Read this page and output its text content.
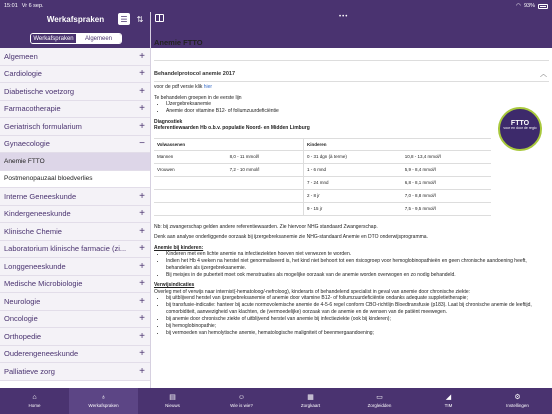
15:01 Vr 6 sep.	◠ 93%
Werkafspraken	☰	⇅
Werkafspraken	Algemeen
Algemeen	+
Cardiologie	+
Diabetische voetzorg	+
Farmacotherapie	+
Geriatrisch formularium	+
Gynaecologie	−
Anemie FTTO
Postmenopauzaal bloedverlies
Interne Geneeskunde	+
Kindergeneeskunde	+
Klinische Chemie	+
Laboratorium klinische farmacie (zi...	+
Longgeneeskunde	+
Medische Microbiologie	+
Neurologie	+
Oncologie	+
Orthopedie	+
Ouderengeneeskunde	+
Palliatieve zorg	+
•••
Anemie FTTO
Behandelprotocol anemie 2017	︿
FTTO
voor en door de regio
voor de pdf versie klik hier
Te behandelen groepen in de eerste lijn
• IJzergebreksanemie
• Anemie door vitamine B12- of foliumzuurdeficiëntie
Diagnostiek
Referentiewaarden Hb o.b.v. populatie Noord- en Midden Limburg
Volwassenen		Kinderen	
Mannen	8,0 - 11 mmol/l	0 - 31 dgn (à terme)	10,8 - 13,4 mmol/l
Vrouwen	7,2 - 10 mmol/l	1 - 6 mnd	5,9 - 8,4 mmol/l
		7 - 24 mnd	6,8 - 8,1 mmol/l
		2 - 8 jr	7,0 - 8,8 mmol/l
		9 - 15 jr	7,5 - 9,5 mmol/l
Nb: bij zwangerschap gelden andere referentiewaarden. Zie hiervoor NHG standaard Zwangerschap.
Denk aan analyse onderliggende oorzaak bij ijzergebreksanemie zie NHG-standaard Anemie en DTO onderwijsprogramma.
Anemie bij kinderen:
• Kinderen met een lichte anemie na infectieziekten hoeven niet verwezen te worden.
• Indien het Hb 4 weken na herstel niet genormaliseerd is, het kind niet behoort tot een risicogroep voor hemoglobinopathieën en geen chronische aandoening heeft, behandelen als ijzergebreksanemie.
• Bij meisjes in de puberteit moet ook menstruaties als mogelijke oorzaak van de anemie worden overwogen en zo nodig behandeld.
Verwijsindicaties
Overleg met of verwijs naar internist(-hematoloog/-nefroloog), kinderarts of behandelend specialist in geval van anemie door chronische ziekte:
• bij uitblijvend herstel van ijzergebreksanemie of anemie door vitamine B12- of foliumzuurdeficiëntie ondanks adequate suppletietherapie;
• bij transfusie-indicatie: hanteer bij acute normovolemische anemie de 4-5-6 regel conform CBO-richtlijn Bloedtransfusie (p183). Laat bij chronische anemie de leeftijd, comorbiditeit, aanwezigheid van klachten, de (vermoedelijke) oorzaak van de anemie en de wensen van de patiënt meewegen.
• bij anemie door chronische ziekte of uitblijvend herstel van anemie bij infectieziekte (ook bij kinderen);
• bij hemoglobinopathie;
• bij vermoeden van hemolytische anemie, hematologische maligniteit of beenmergaandoening;
⌂
Home
♁
Werkafspraken
▤
Nieuws
☺
Wie is wie?
▦
Zorgkaart
▭
Zorgleidden
◢
TIM
⚙
Instellingen
